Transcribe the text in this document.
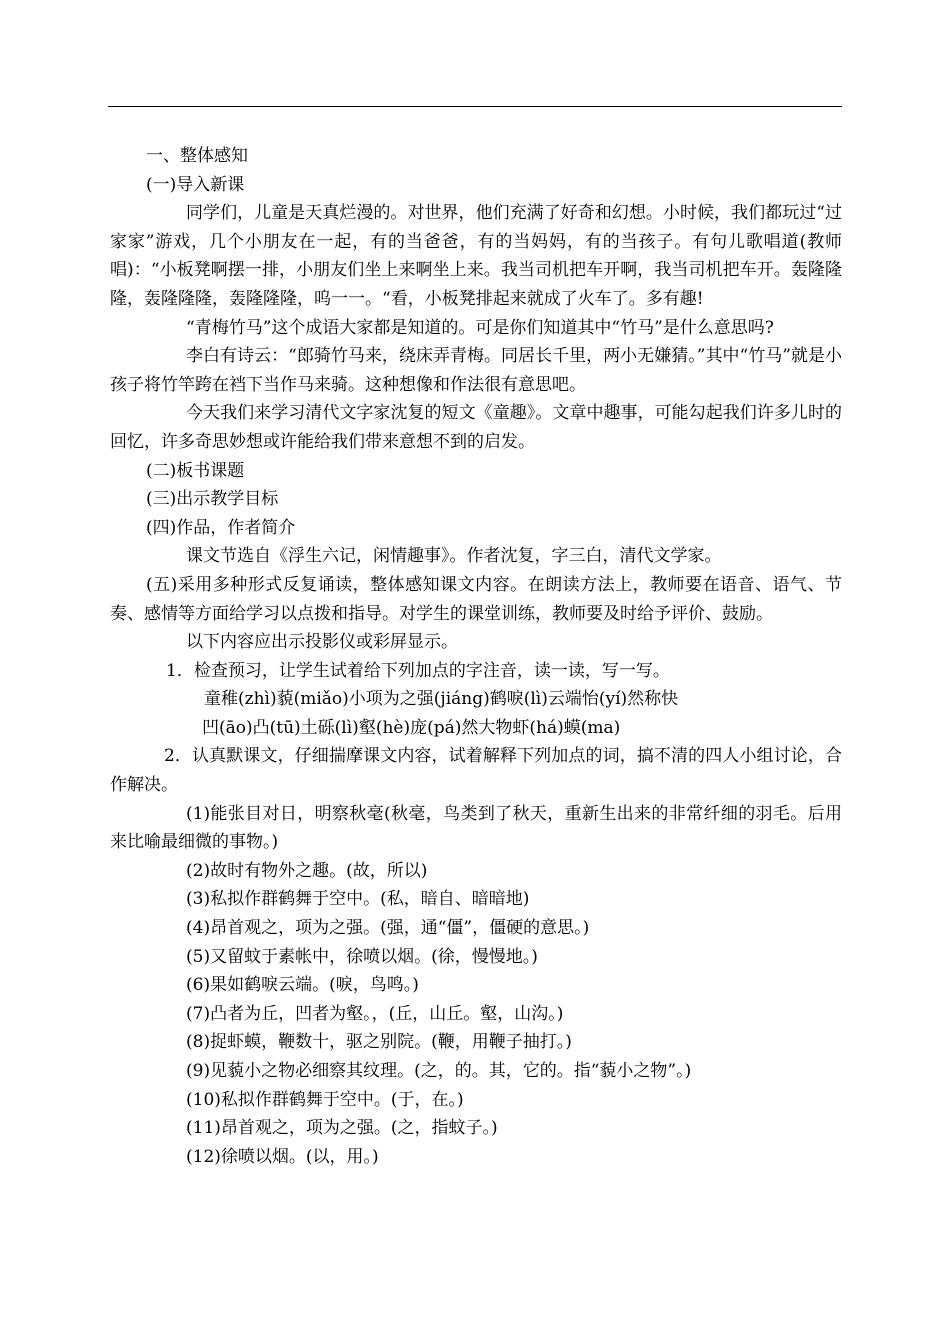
一、整体感知

(一)导入新课

同学们，儿童是天真烂漫的。对世界，他们充满了好奇和幻想。小时候，我们都玩过“过家家”游戏，几个小朋友在一起，有的当爸爸，有的当妈妈，有的当孩子。有句儿歌唱道(教师唱)：“小板凳啊摆一排，小朋友们坐上来啊坐上来。我当司机把车开啊，我当司机把车开。轰隆隆隆，轰隆隆隆，轰隆隆隆，呜一一。“看，小板凳排起来就成了火车了。多有趣!

“青梅竹马”这个成语大家都是知道的。可是你们知道其中“竹马”是什么意思吗?

李白有诗云：“郎骑竹马来，绕床弄青梅。同居长千里，两小无嫌猜。”其中“竹马”就是小孩子将竹竿跨在裆下当作马来骑。这种想像和作法很有意思吧。

今天我们来学习清代文字家沈复的短文《童趣》。文章中趣事，可能勾起我们许多儿时的回忆，许多奇思妙想或许能给我们带来意想不到的启发。

(二)板书课题

(三)出示教学目标

(四)作品，作者简介

课文节选自《浮生六记，闲情趣事》。作者沈复，字三白，清代文学家。

(五)采用多种形式反复诵读，整体感知课文内容。在朗读方法上，教师要在语音、语气、节奏、感情等方面给学习以点拨和指导。对学生的课堂训练，教师要及时给予评价、鼓励。

以下内容应出示投影仪或彩屏显示。

1．检查预习，让学生试着给下列加点的字注音，读一读，写一写。

童稚(zhì)藐(miǎo)小项为之强(jiáng)鹤唳(lì)云端怡(yí)然称快

凹(āo)凸(tū)土砾(lì)壑(hè)庞(pá)然大物虾(há)蟆(ma)

2．认真默课文，仔细揣摩课文内容，试着解释下列加点的词，搞不清的四人小组讨论，合作解决。

(1)能张目对日，明察秋毫(秋毫，鸟类到了秋天，重新生出来的非常纤细的羽毛。后用来比喻最细微的事物。)

(2)故时有物外之趣。(故，所以)

(3)私拟作群鹤舞于空中。(私，暗自、暗暗地)

(4)昂首观之，项为之强。(强，通“僵”，僵硬的意思。)

(5)又留蚊于素帐中，徐喷以烟。(徐，慢慢地。)

(6)果如鹤唳云端。(唳，鸟鸣。)

(7)凸者为丘，凹者为壑。，(丘，山丘。壑，山沟。)

(8)捉虾蟆，鞭数十，驱之别院。(鞭，用鞭子抽打。)

(9)见藐小之物必细察其纹理。(之，的。其，它的。指“藐小之物”。)

(10)私拟作群鹤舞于空中。(于，在。)

(11)昂首观之，项为之强。(之，指蚊子。)

(12)徐喷以烟。(以，用。)
